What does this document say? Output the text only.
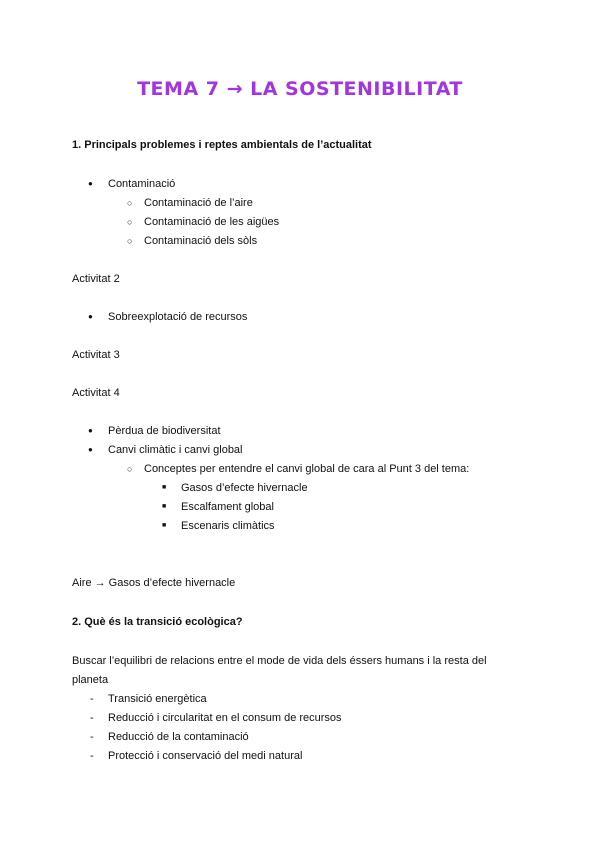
TEMA 7 → LA SOSTENIBILITAT
1. Principals problemes i reptes ambientals de l’actualitat
● Contaminació
○ Contaminació de l’aire
○ Contaminació de les aigües
○ Contaminació dels sòls
Activitat 2
● Sobreexplotació de recursos
Activitat 3
Activitat 4
● Pèrdua de biodiversitat
● Canvi climàtic i canvi global
○ Conceptes per entendre el canvi global de cara al Punt 3 del tema:
■ Gasos d’efecte hivernacle
■ Escalfament global
■ Escenaris climàtics
Aire → Gasos d’efecte hivernacle
2. Què és la transició ecològica?
Buscar l’equilibri de relacions entre el mode de vida dels éssers humans i la resta del
planeta
- Transició energètica
- Reducció i circularitat en el consum de recursos
- Reducció de la contaminació
- Protecció i conservació del medi natural
